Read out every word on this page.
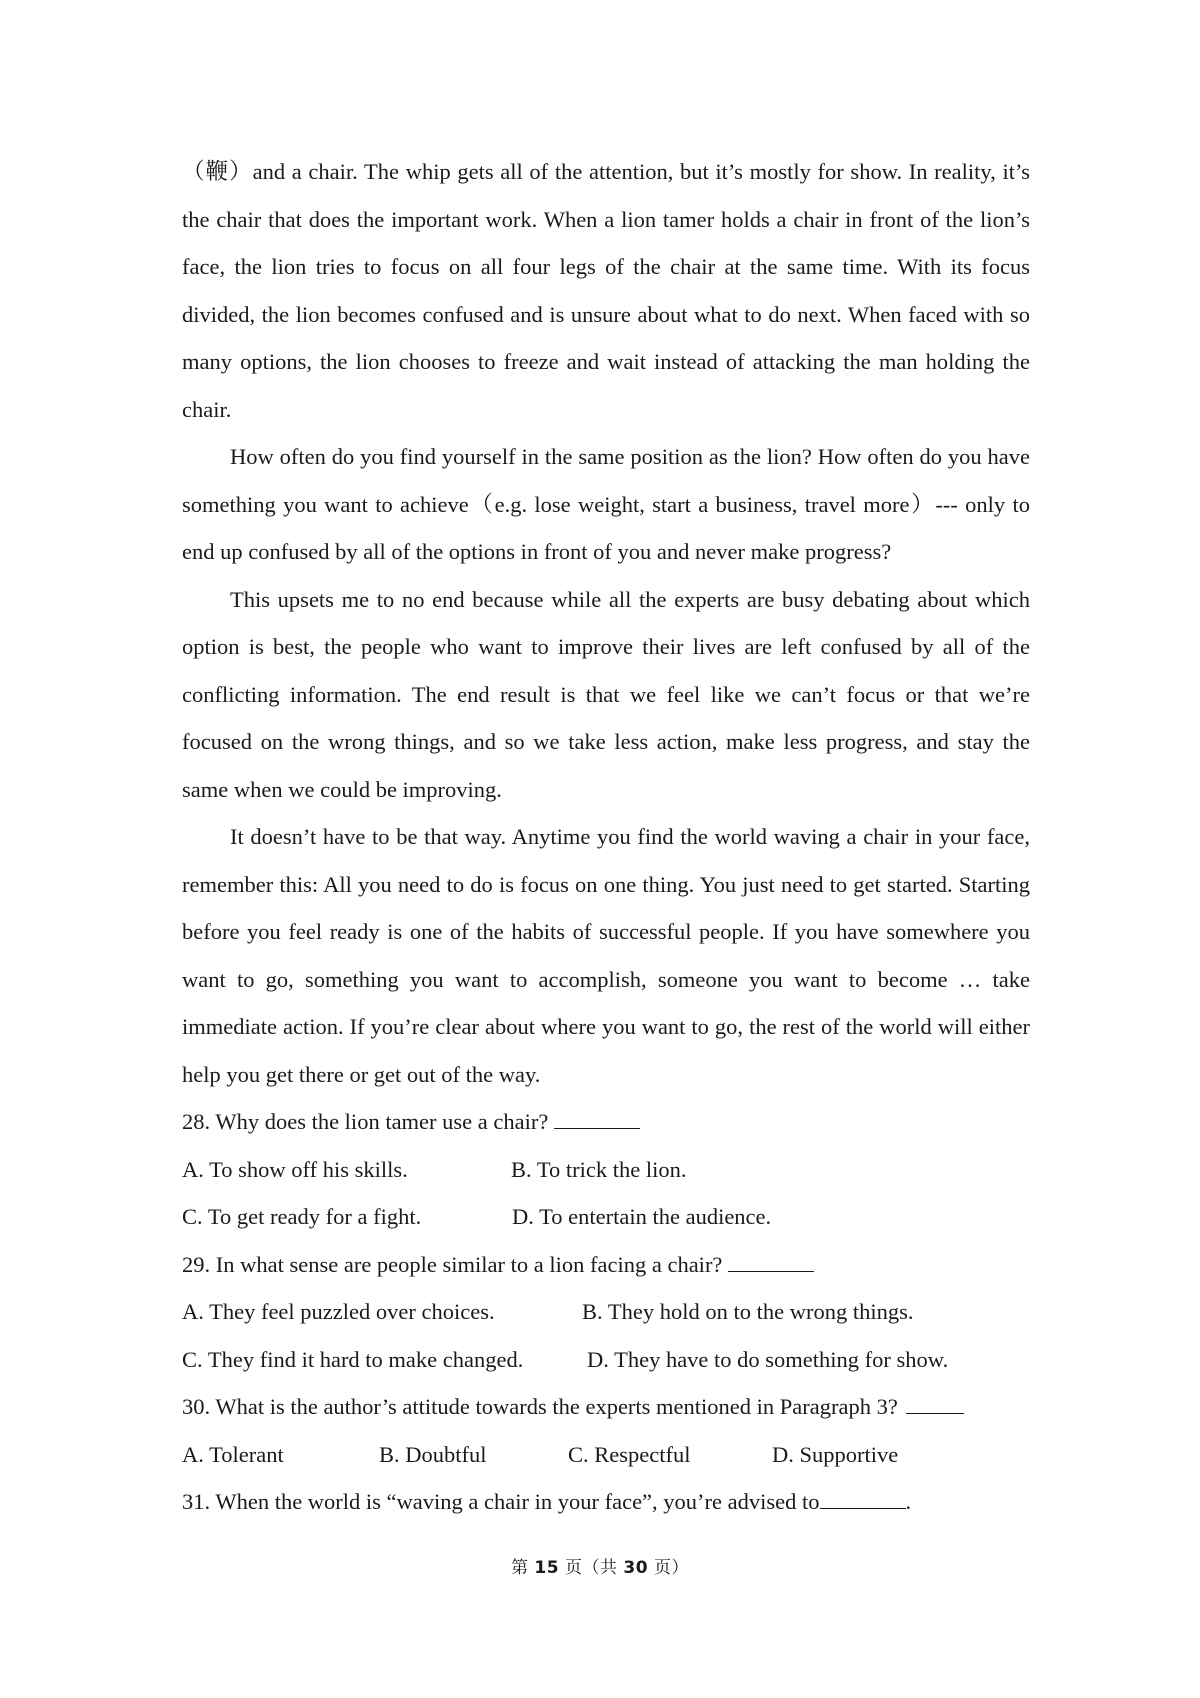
（鞭）and a chair. The whip gets all of the attention, but it’s mostly for show. In reality, it’s the chair that does the important work. When a lion tamer holds a chair in front of the lion’s face, the lion tries to focus on all four legs of the chair at the same time. With its focus divided, the lion becomes confused and is unsure about what to do next. When faced with so many options, the lion chooses to freeze and wait instead of attacking the man holding the chair.

How often do you find yourself in the same position as the lion? How often do you have something you want to achieve（e.g. lose weight, start a business, travel more）--- only to end up confused by all of the options in front of you and never make progress?

This upsets me to no end because while all the experts are busy debating about which option is best, the people who want to improve their lives are left confused by all of the conflicting information. The end result is that we feel like we can’t focus or that we’re focused on the wrong things, and so we take less action, make less progress, and stay the same when we could be improving.

It doesn’t have to be that way. Anytime you find the world waving a chair in your face, remember this: All you need to do is focus on one thing. You just need to get started. Starting before you feel ready is one of the habits of successful people. If you have somewhere you want to go, something you want to accomplish, someone you want to become … take immediate action. If you’re clear about where you want to go, the rest of the world will either help you get there or get out of the way.

28. Why does the lion tamer use a chair?

A. To show off his skills.	B. To trick the lion.
C. To get ready for a fight.	D. To entertain the audience.

29. In what sense are people similar to a lion facing a chair?

A. They feel puzzled over choices.	B. They hold on to the wrong things.
C. They find it hard to make changed.	D. They have to do something for show.

30. What is the author’s attitude towards the experts mentioned in Paragraph 3?

A. Tolerant	B. Doubtful	C. Respectful	D. Supportive

31. When the world is “waving a chair in your face”, you’re advised to	.

第 15 页（共 30 页）
